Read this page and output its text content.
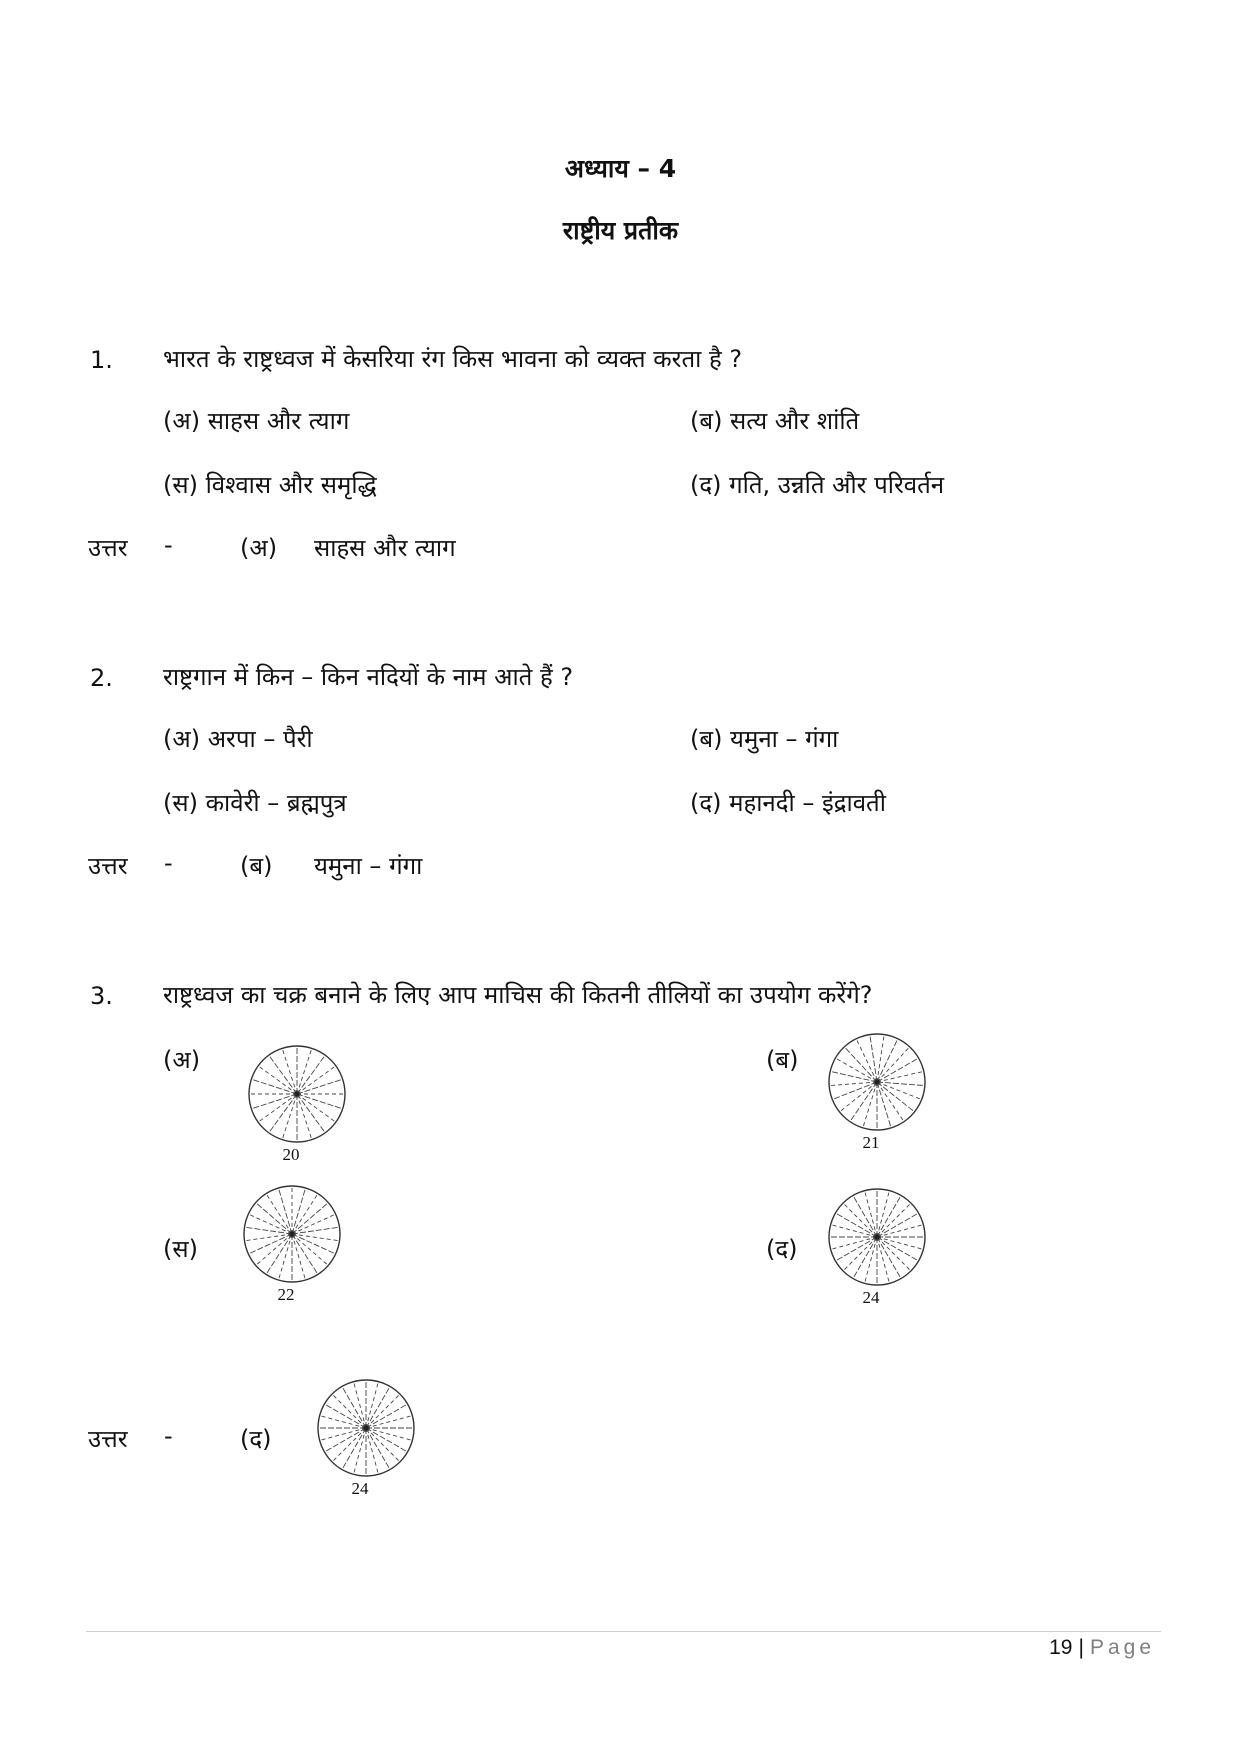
अध्याय – 4
राष्ट्रीय प्रतीक
1. भारत के राष्ट्रध्वज में केसरिया रंग किस भावना को व्यक्त करता है ?
(अ) साहस और त्याग	(ब) सत्य और शांति
(स) विश्वास और समृद्धि	(द) गति, उन्नति और परिवर्तन
उत्तर -	(अ) साहस और त्याग
2. राष्ट्रगान में किन – किन नदियों के नाम आते हैं ?
(अ) अरपा – पैरी	(ब) यमुना – गंगा
(स) कावेरी – ब्रह्मपुत्र	(द) महानदी – इंद्रावती
उत्तर -	(ब) यमुना – गंगा
3. राष्ट्रध्वज का चक्र बनाने के लिए आप माचिस की कितनी तीलियों का उपयोग करेंगे?
(अ)
20
(ब)
21
(स)
22
(द)
24
उत्तर -	(द)
24
19 | Page
